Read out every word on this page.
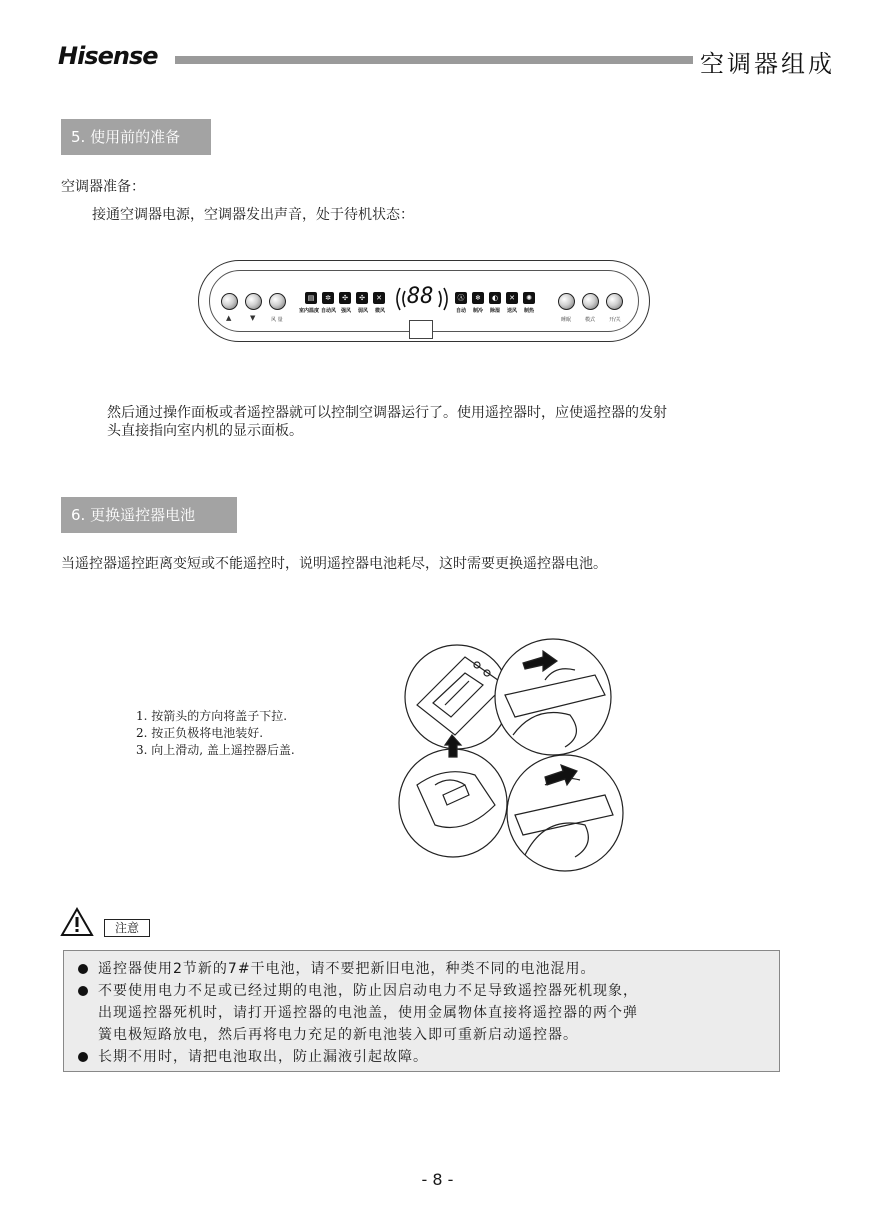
Hisense	空调器组成
5. 使用前的准备
空调器准备：
接通空调器电源，空调器发出声音，处于待机状态：
▲	▼	风 量
▤	✲	✣	✣	✕
室内温度 自动风 强风 弱风 微风
88	Ⓐ	❄	◐	✕	✺
自动 制冷 除湿 送风 制热
睡眠	模式	开/关
然后通过操作面板或者遥控器就可以控制空调器运行了。使用遥控器时，应使遥控器的发射
头直接指向室内机的显示面板。
6. 更换遥控器电池
当遥控器遥控距离变短或不能遥控时，说明遥控器电池耗尽，这时需要更换遥控器电池。
1. 按箭头的方向将盖子下拉.
2. 按正负极将电池装好.
3. 向上滑动, 盖上遥控器后盖.
注意
遥控器使用2节新的7#干电池，请不要把新旧电池，种类不同的电池混用。
不要使用电力不足或已经过期的电池，防止因启动电力不足导致遥控器死机现象，
出现遥控器死机时，请打开遥控器的电池盖，使用金属物体直接将遥控器的两个弹
簧电极短路放电，然后再将电力充足的新电池装入即可重新启动遥控器。
长期不用时，请把电池取出，防止漏液引起故障。
- 8 -
